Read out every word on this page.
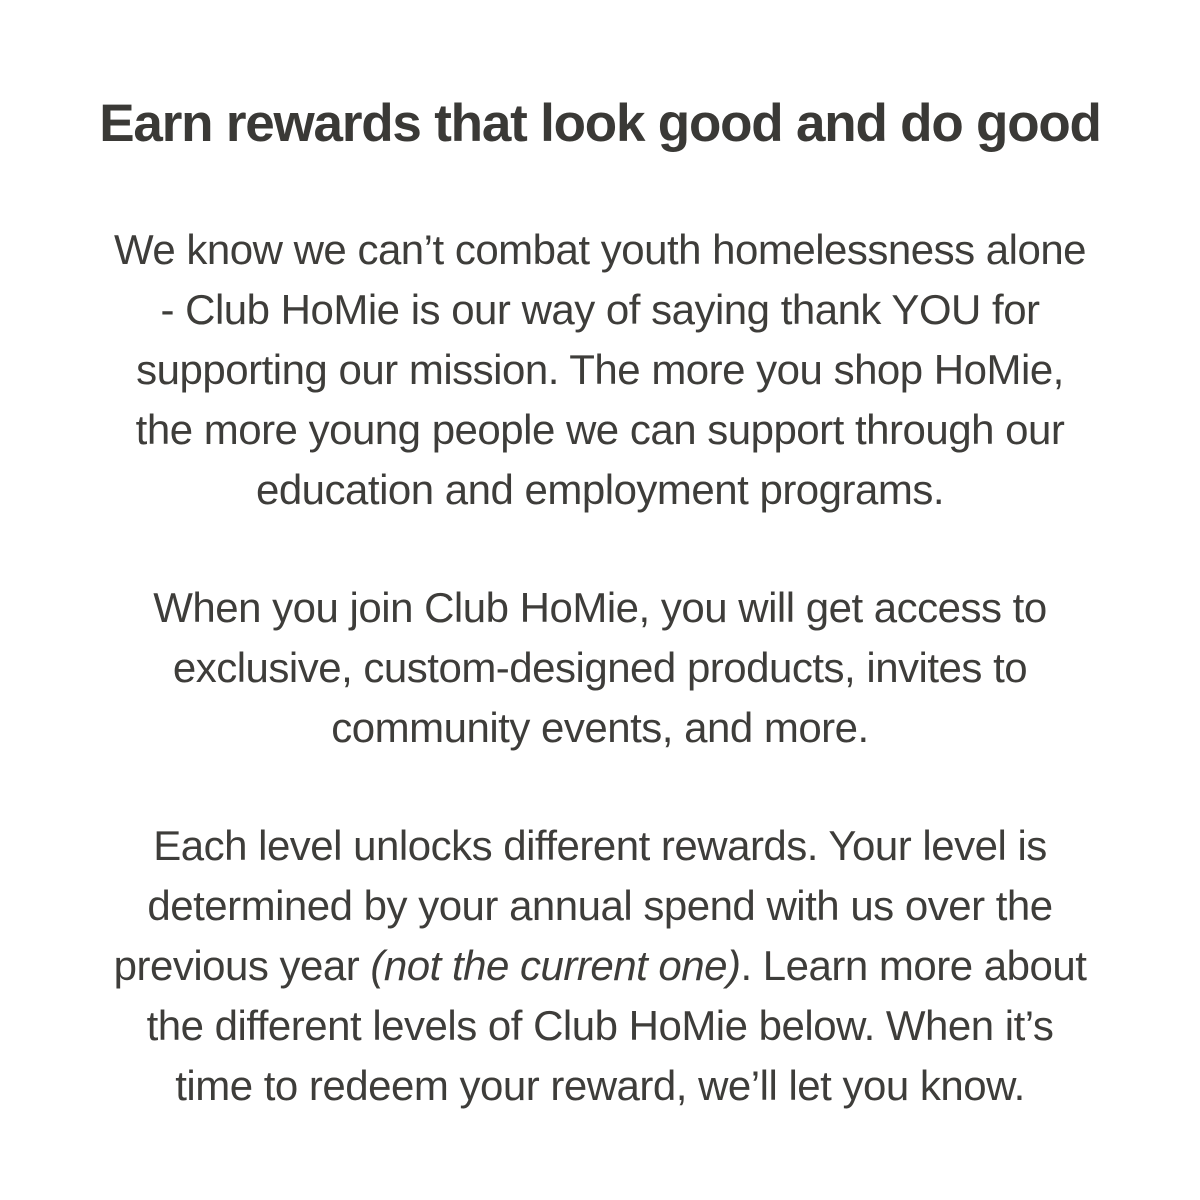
Earn rewards that look good and do good

We know we can’t combat youth homelessness alone
- Club HoMie is our way of saying thank YOU for
supporting our mission. The more you shop HoMie,
the more young people we can support through our
education and employment programs.

When you join Club HoMie, you will get access to
exclusive, custom-designed products, invites to
community events, and more.

Each level unlocks different rewards. Your level is
determined by your annual spend with us over the
previous year (not the current one). Learn more about
the different levels of Club HoMie below. When it’s
time to redeem your reward, we’ll let you know.
